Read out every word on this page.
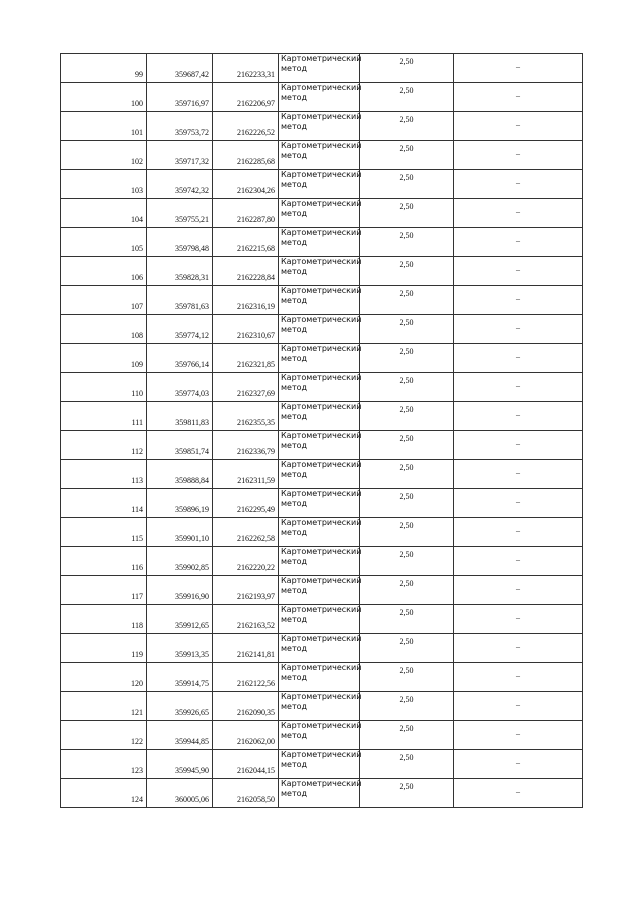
99	359687,42	2162233,31	Картометрический метод	2,50	–

100	359716,97	2162206,97	Картометрический метод	2,50	–

101	359753,72	2162226,52	Картометрический метод	2,50	–

102	359717,32	2162285,68	Картометрический метод	2,50	–

103	359742,32	2162304,26	Картометрический метод	2,50	–

104	359755,21	2162287,80	Картометрический метод	2,50	–

105	359798,48	2162215,68	Картометрический метод	2,50	–

106	359828,31	2162228,84	Картометрический метод	2,50	–

107	359781,63	2162316,19	Картометрический метод	2,50	–

108	359774,12	2162310,67	Картометрический метод	2,50	–

109	359766,14	2162321,85	Картометрический метод	2,50	–

110	359774,03	2162327,69	Картометрический метод	2,50	–

111	359811,83	2162355,35	Картометрический метод	2,50	–

112	359851,74	2162336,79	Картометрический метод	2,50	–

113	359888,84	2162311,59	Картометрический метод	2,50	–

114	359896,19	2162295,49	Картометрический метод	2,50	–

115	359901,10	2162262,58	Картометрический метод	2,50	–

116	359902,85	2162220,22	Картометрический метод	2,50	–

117	359916,90	2162193,97	Картометрический метод	2,50	–

118	359912,65	2162163,52	Картометрический метод	2,50	–

119	359913,35	2162141,81	Картометрический метод	2,50	–

120	359914,75	2162122,56	Картометрический метод	2,50	–

121	359926,65	2162090,35	Картометрический метод	2,50	–

122	359944,85	2162062,00	Картометрический метод	2,50	–

123	359945,90	2162044,15	Картометрический метод	2,50	–

124	360005,06	2162058,50	Картометрический метод	2,50	–
